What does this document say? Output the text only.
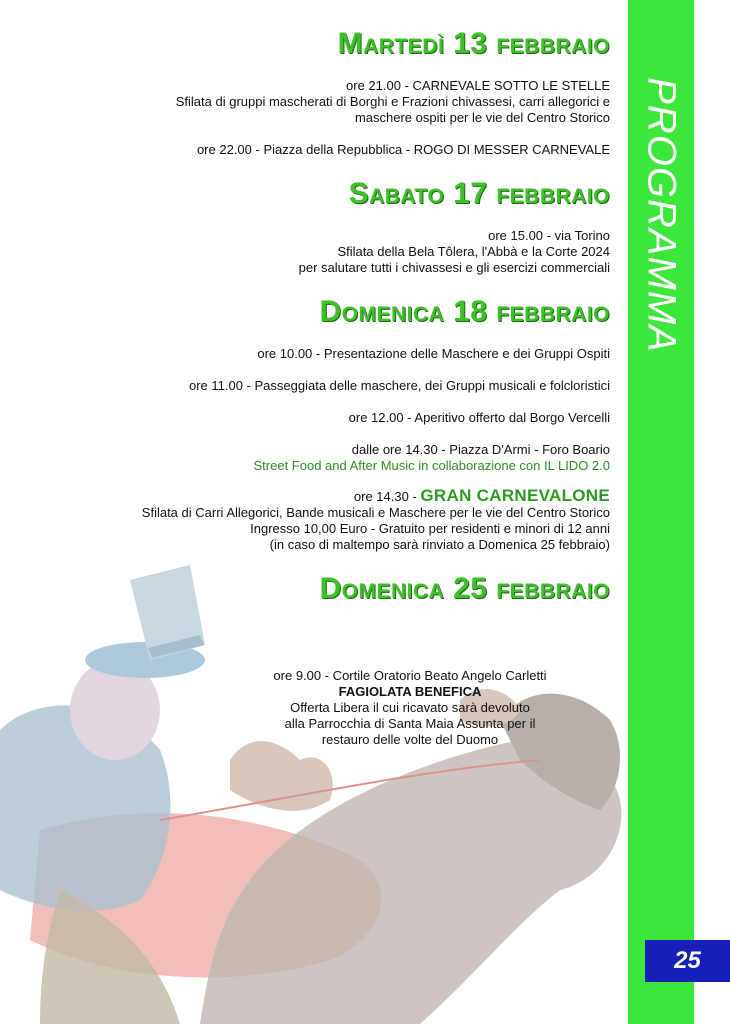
PROGRAMMA
25
Martedì 13 febbraio

ore 21.00 - CARNEVALE SOTTO LE STELLE
Sfilata di gruppi mascherati di Borghi e Frazioni chivassesi, carri allegorici e
maschere ospiti per le vie del Centro Storico

ore 22.00 - Piazza della Repubblica - ROGO DI MESSER CARNEVALE

Sabato 17 febbraio

ore 15.00 - via Torino
Sfilata della Bela Tôlera, l'Abbà e la Corte 2024
per salutare tutti i chivassesi e gli esercizi commerciali

Domenica 18 febbraio

ore 10.00 - Presentazione delle Maschere e dei Gruppi Ospiti

ore 11.00 - Passeggiata delle maschere, dei Gruppi musicali e folcloristici

ore 12.00 - Aperitivo offerto dal Borgo Vercelli

dalle ore 14.30 - Piazza D'Armi - Foro Boario
Street Food and After Music in collaborazione con IL LIDO 2.0

ore 14.30 - GRAN CARNEVALONE
Sfilata di Carri Allegorici, Bande musicali e Maschere per le vie del Centro Storico
Ingresso 10,00 Euro - Gratuito per residenti e minori di 12 anni
(in caso di maltempo sarà rinviato a Domenica 25 febbraio)

Domenica 25 febbraio

ore 9.00 - Cortile Oratorio Beato Angelo Carletti
FAGIOLATA BENEFICA
Offerta Libera il cui ricavato sarà devoluto
alla Parrocchia di Santa Maia Assunta per il
restauro delle volte del Duomo
